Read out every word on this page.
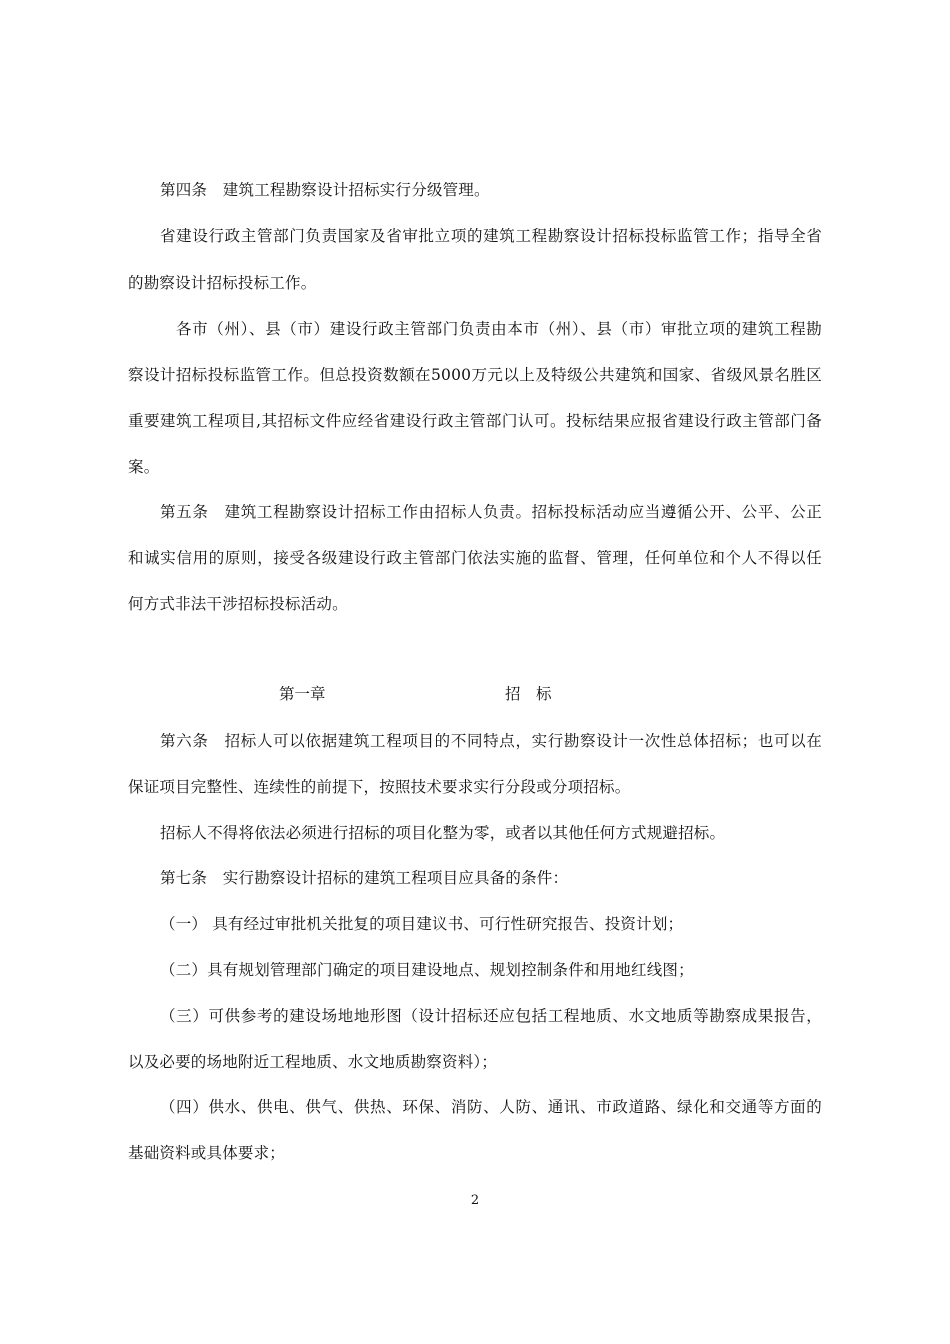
第四条　建筑工程勘察设计招标实行分级管理。
省建设行政主管部门负责国家及省审批立项的建筑工程勘察设计招标投标监管工作；指导全省
的勘察设计招标投标工作。
各市（州）、县（市）建设行政主管部门负责由本市（州）、县（市）审批立项的建筑工程勘
察设计招标投标监管工作。但总投资数额在5000万元以上及特级公共建筑和国家、省级风景名胜区
重要建筑工程项目,其招标文件应经省建设行政主管部门认可。投标结果应报省建设行政主管部门备
案。
第五条　建筑工程勘察设计招标工作由招标人负责。招标投标活动应当遵循公开、公平、公正
和诚实信用的原则，接受各级建设行政主管部门依法实施的监督、管理，任何单位和个人不得以任
何方式非法干涉招标投标活动。
第一章	招　标
第六条　招标人可以依据建筑工程项目的不同特点，实行勘察设计一次性总体招标；也可以在
保证项目完整性、连续性的前提下，按照技术要求实行分段或分项招标。
招标人不得将依法必须进行招标的项目化整为零，或者以其他任何方式规避招标。
第七条　实行勘察设计招标的建筑工程项目应具备的条件：
（一） 具有经过审批机关批复的项目建议书、可行性研究报告、投资计划；
（二）具有规划管理部门确定的项目建设地点、规划控制条件和用地红线图；
（三）可供参考的建设场地地形图（设计招标还应包括工程地质、水文地质等勘察成果报告，
以及必要的场地附近工程地质、水文地质勘察资料）；
（四）供水、供电、供气、供热、环保、消防、人防、通讯、市政道路、绿化和交通等方面的
基础资料或具体要求；
2
